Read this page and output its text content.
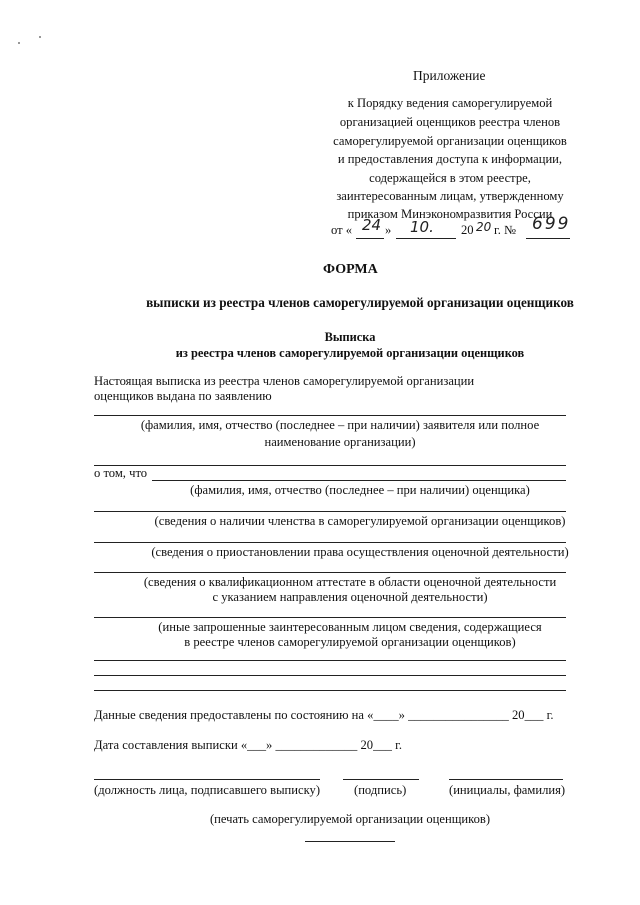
Приложение
к Порядку ведения саморегулируемой
организацией оценщиков реестра членов
саморегулируемой организации оценщиков
и предоставления доступа к информации,
содержащейся в этом реестре,
заинтересованным лицам, утвержденному
приказом Минэкономразвития России
от « 24 » 10. 20 20 г. № 699
ФОРМА
выписки из реестра членов саморегулируемой организации оценщиков
Выписка
из реестра членов саморегулируемой организации оценщиков
Настоящая выписка из реестра членов саморегулируемой организации
оценщиков выдана по заявлению
(фамилия, имя, отчество (последнее – при наличии) заявителя или полное
наименование организации)
о том, что
(фамилия, имя, отчество (последнее – при наличии) оценщика)
(сведения о наличии членства в саморегулируемой организации оценщиков)
(сведения о приостановлении права осуществления оценочной деятельности)
(сведения о квалификационном аттестате в области оценочной деятельности
с указанием направления оценочной деятельности)
(иные запрошенные заинтересованным лицом сведения, содержащиеся
в реестре членов саморегулируемой организации оценщиков)
Данные сведения предоставлены по состоянию на «____» ________________ 20___ г.
Дата составления выписки «___» _____________ 20___ г.
(должность лица, подписавшего выписку)	(подпись)	(инициалы, фамилия)
(печать саморегулируемой организации оценщиков)
